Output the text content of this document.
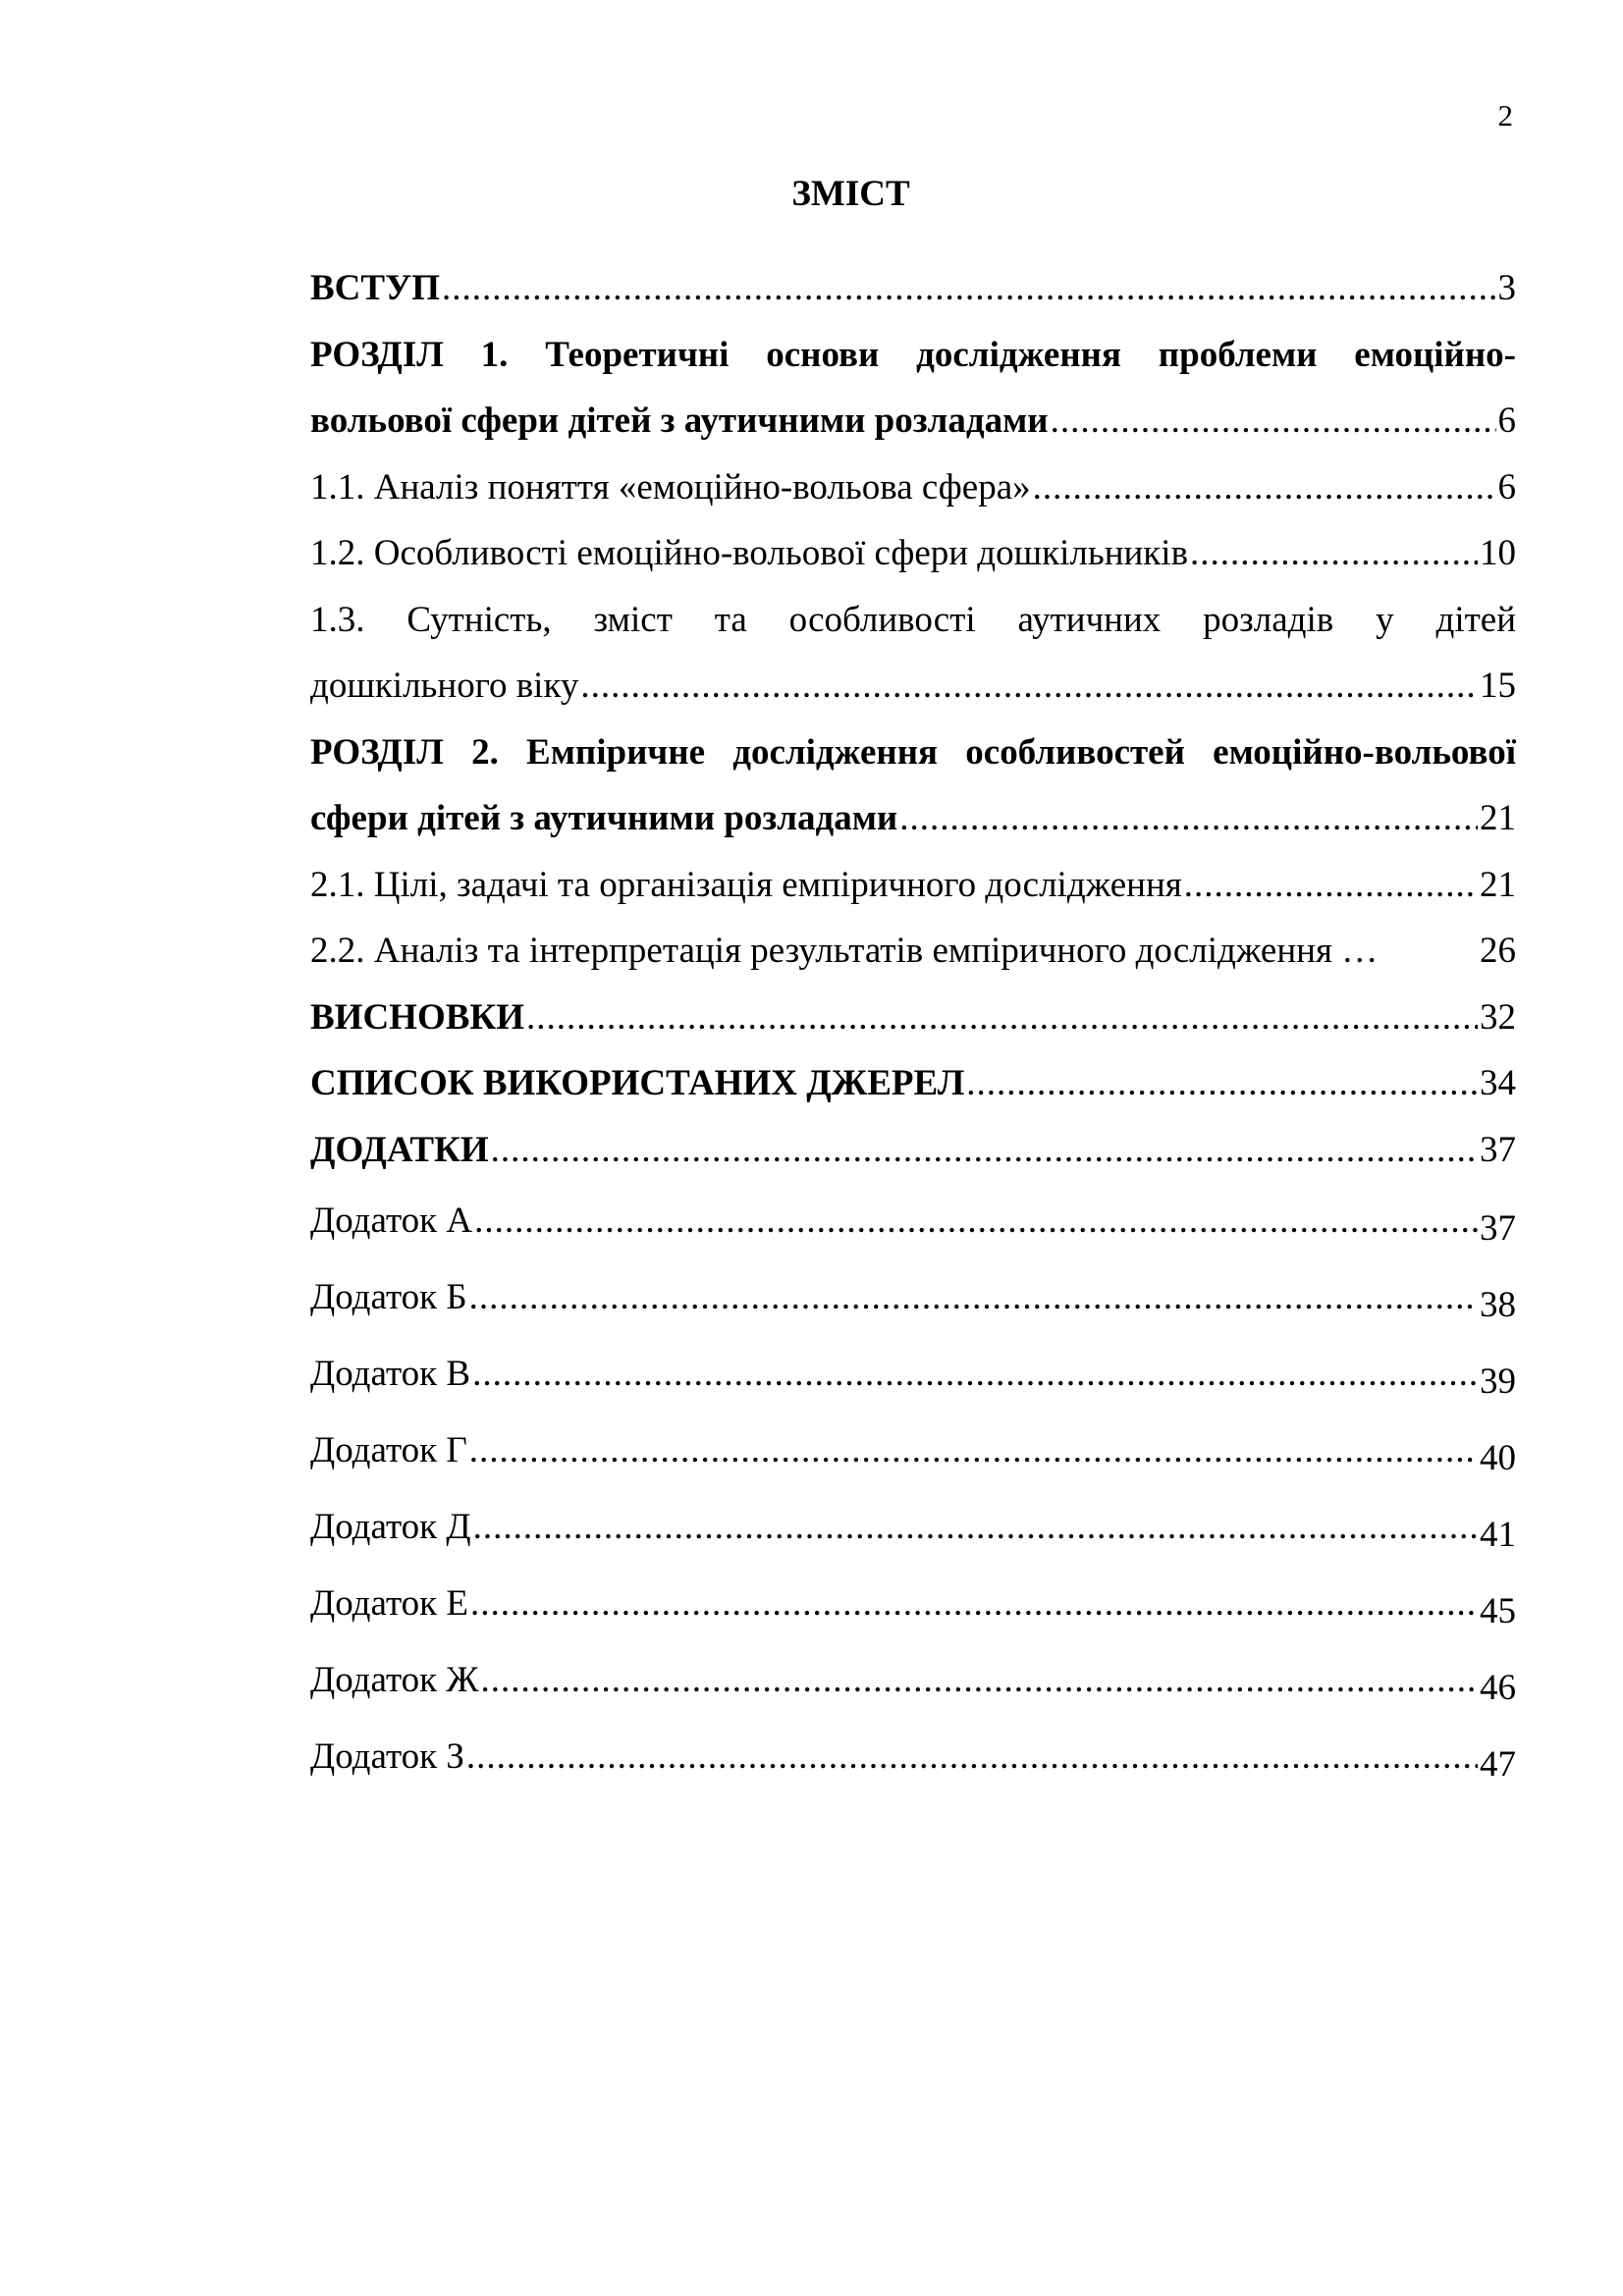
2
ЗМІСТ
ВСТУП .....	3
РОЗДІЛ 1. Теоретичні основи дослідження проблеми емоційно-
вольової сфери дітей з аутичними розладами .....	6
1.1. Аналіз поняття «емоційно-вольова сфера» .....	6
1.2. Особливості емоційно-вольової сфери дошкільників .....	10
1.3. Сутність, зміст та особливості аутичних розладів у дітей
дошкільного віку .....	15
РОЗДІЛ 2. Емпіричне дослідження особливостей емоційно-вольової
сфери дітей з аутичними розладами .....	21
2.1. Цілі, задачі та організація емпіричного дослідження .....	21
2.2. Аналіз та інтерпретація результатів емпіричного дослідження …	26
ВИСНОВКИ .....	32
СПИСОК ВИКОРИСТАНИХ ДЖЕРЕЛ .....	34
ДОДАТКИ .....	37
Додаток А .....	37
Додаток Б .....	38
Додаток В .....	39
Додаток Г .....	40
Додаток Д .....	41
Додаток Е .....	45
Додаток Ж .....	46
Додаток З .....	47
